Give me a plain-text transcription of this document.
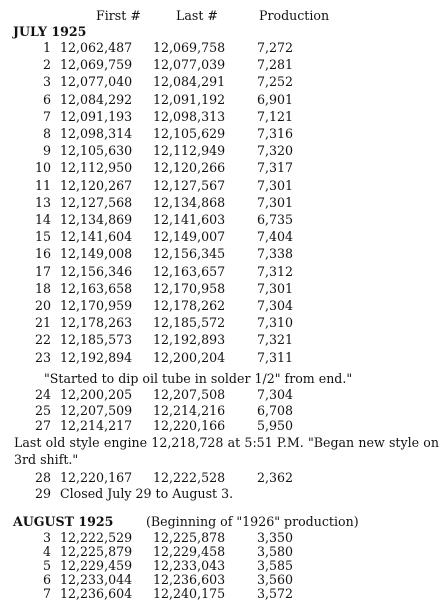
First #	Last #	Production
JULY 1925
1 12,062,487 12,069,758	7,272
2 12,069,759 12,077,039	7,281
3 12,077,040 12,084,291	7,252
6 12,084,292 12,091,192	6,901
7 12,091,193 12,098,313	7,121
8 12,098,314 12,105,629	7,316
9 12,105,630 12,112,949	7,320
10 12,112,950 12,120,266	7,317
11 12,120,267 12,127,567	7,301
13 12,127,568 12,134,868	7,301
14 12,134,869 12,141,603	6,735
15 12,141,604 12,149,007	7,404
16 12,149,008 12,156,345	7,338
17 12,156,346 12,163,657	7,312
18 12,163,658 12,170,958	7,301
20 12,170,959 12,178,262	7,304
21 12,178,263 12,185,572	7,310
22 12,185,573 12,192,893	7,321
23 12,192,894 12,200,204	7,311
"Started to dip oil tube in solder 1/2" from end."
24 12,200,205 12,207,508	7,304
25 12,207,509 12,214,216	6,708
27 12,214,217 12,220,166	5,950
Last old style engine 12,218,728 at 5:51 P.M. "Began new style on 3rd shift."
28 12,220,167 12,222,528	2,362
29 Closed July 29 to August 3.
AUGUST 1925	(Beginning of "1926" production)
3 12,222,529 12,225,878	3,350
4 12,225,879 12,229,458	3,580
5 12,229,459 12,233,043	3,585
6 12,233,044 12,236,603	3,560
7 12,236,604 12,240,175	3,572
